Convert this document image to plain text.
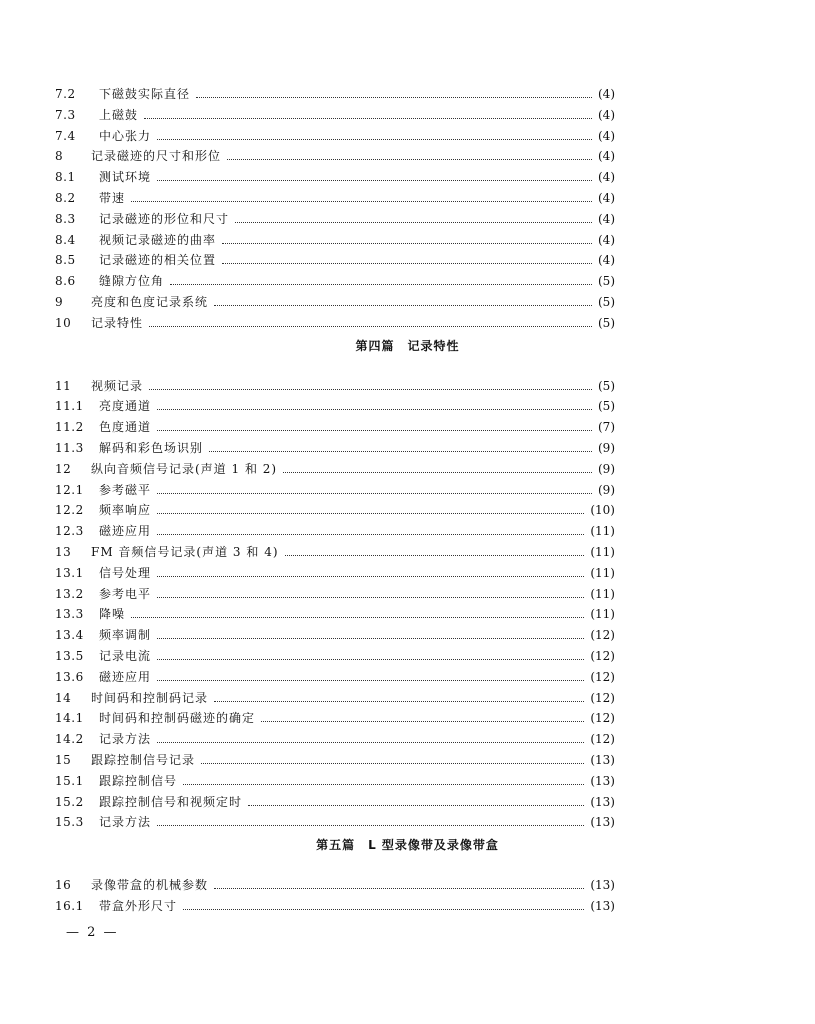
7.2	下磁鼓实际直径	(4)
7.3	上磁鼓	(4)
7.4	中心张力	(4)
8	记录磁迹的尺寸和形位	(4)
8.1	测试环境	(4)
8.2	带速	(4)
8.3	记录磁迹的形位和尺寸	(4)
8.4	视频记录磁迹的曲率	(4)
8.5	记录磁迹的相关位置	(4)
8.6	缝隙方位角	(5)
9	亮度和色度记录系统	(5)
10	记录特性	(5)
第四篇　记录特性
11	视频记录	(5)
11.1	亮度通道	(5)
11.2	色度通道	(7)
11.3	解码和彩色场识别	(9)
12	纵向音频信号记录(声道 1 和 2)	(9)
12.1	参考磁平	(9)
12.2	频率响应	(10)
12.3	磁迹应用	(11)
13	FM 音频信号记录(声道 3 和 4)	(11)
13.1	信号处理	(11)
13.2	参考电平	(11)
13.3	降噪	(11)
13.4	频率调制	(12)
13.5	记录电流	(12)
13.6	磁迹应用	(12)
14	时间码和控制码记录	(12)
14.1	时间码和控制码磁迹的确定	(12)
14.2	记录方法	(12)
15	跟踪控制信号记录	(13)
15.1	跟踪控制信号	(13)
15.2	跟踪控制信号和视频定时	(13)
15.3	记录方法	(13)
第五篇　L 型录像带及录像带盒
16	录像带盒的机械参数	(13)
16.1	带盒外形尺寸	(13)
— 2 —
